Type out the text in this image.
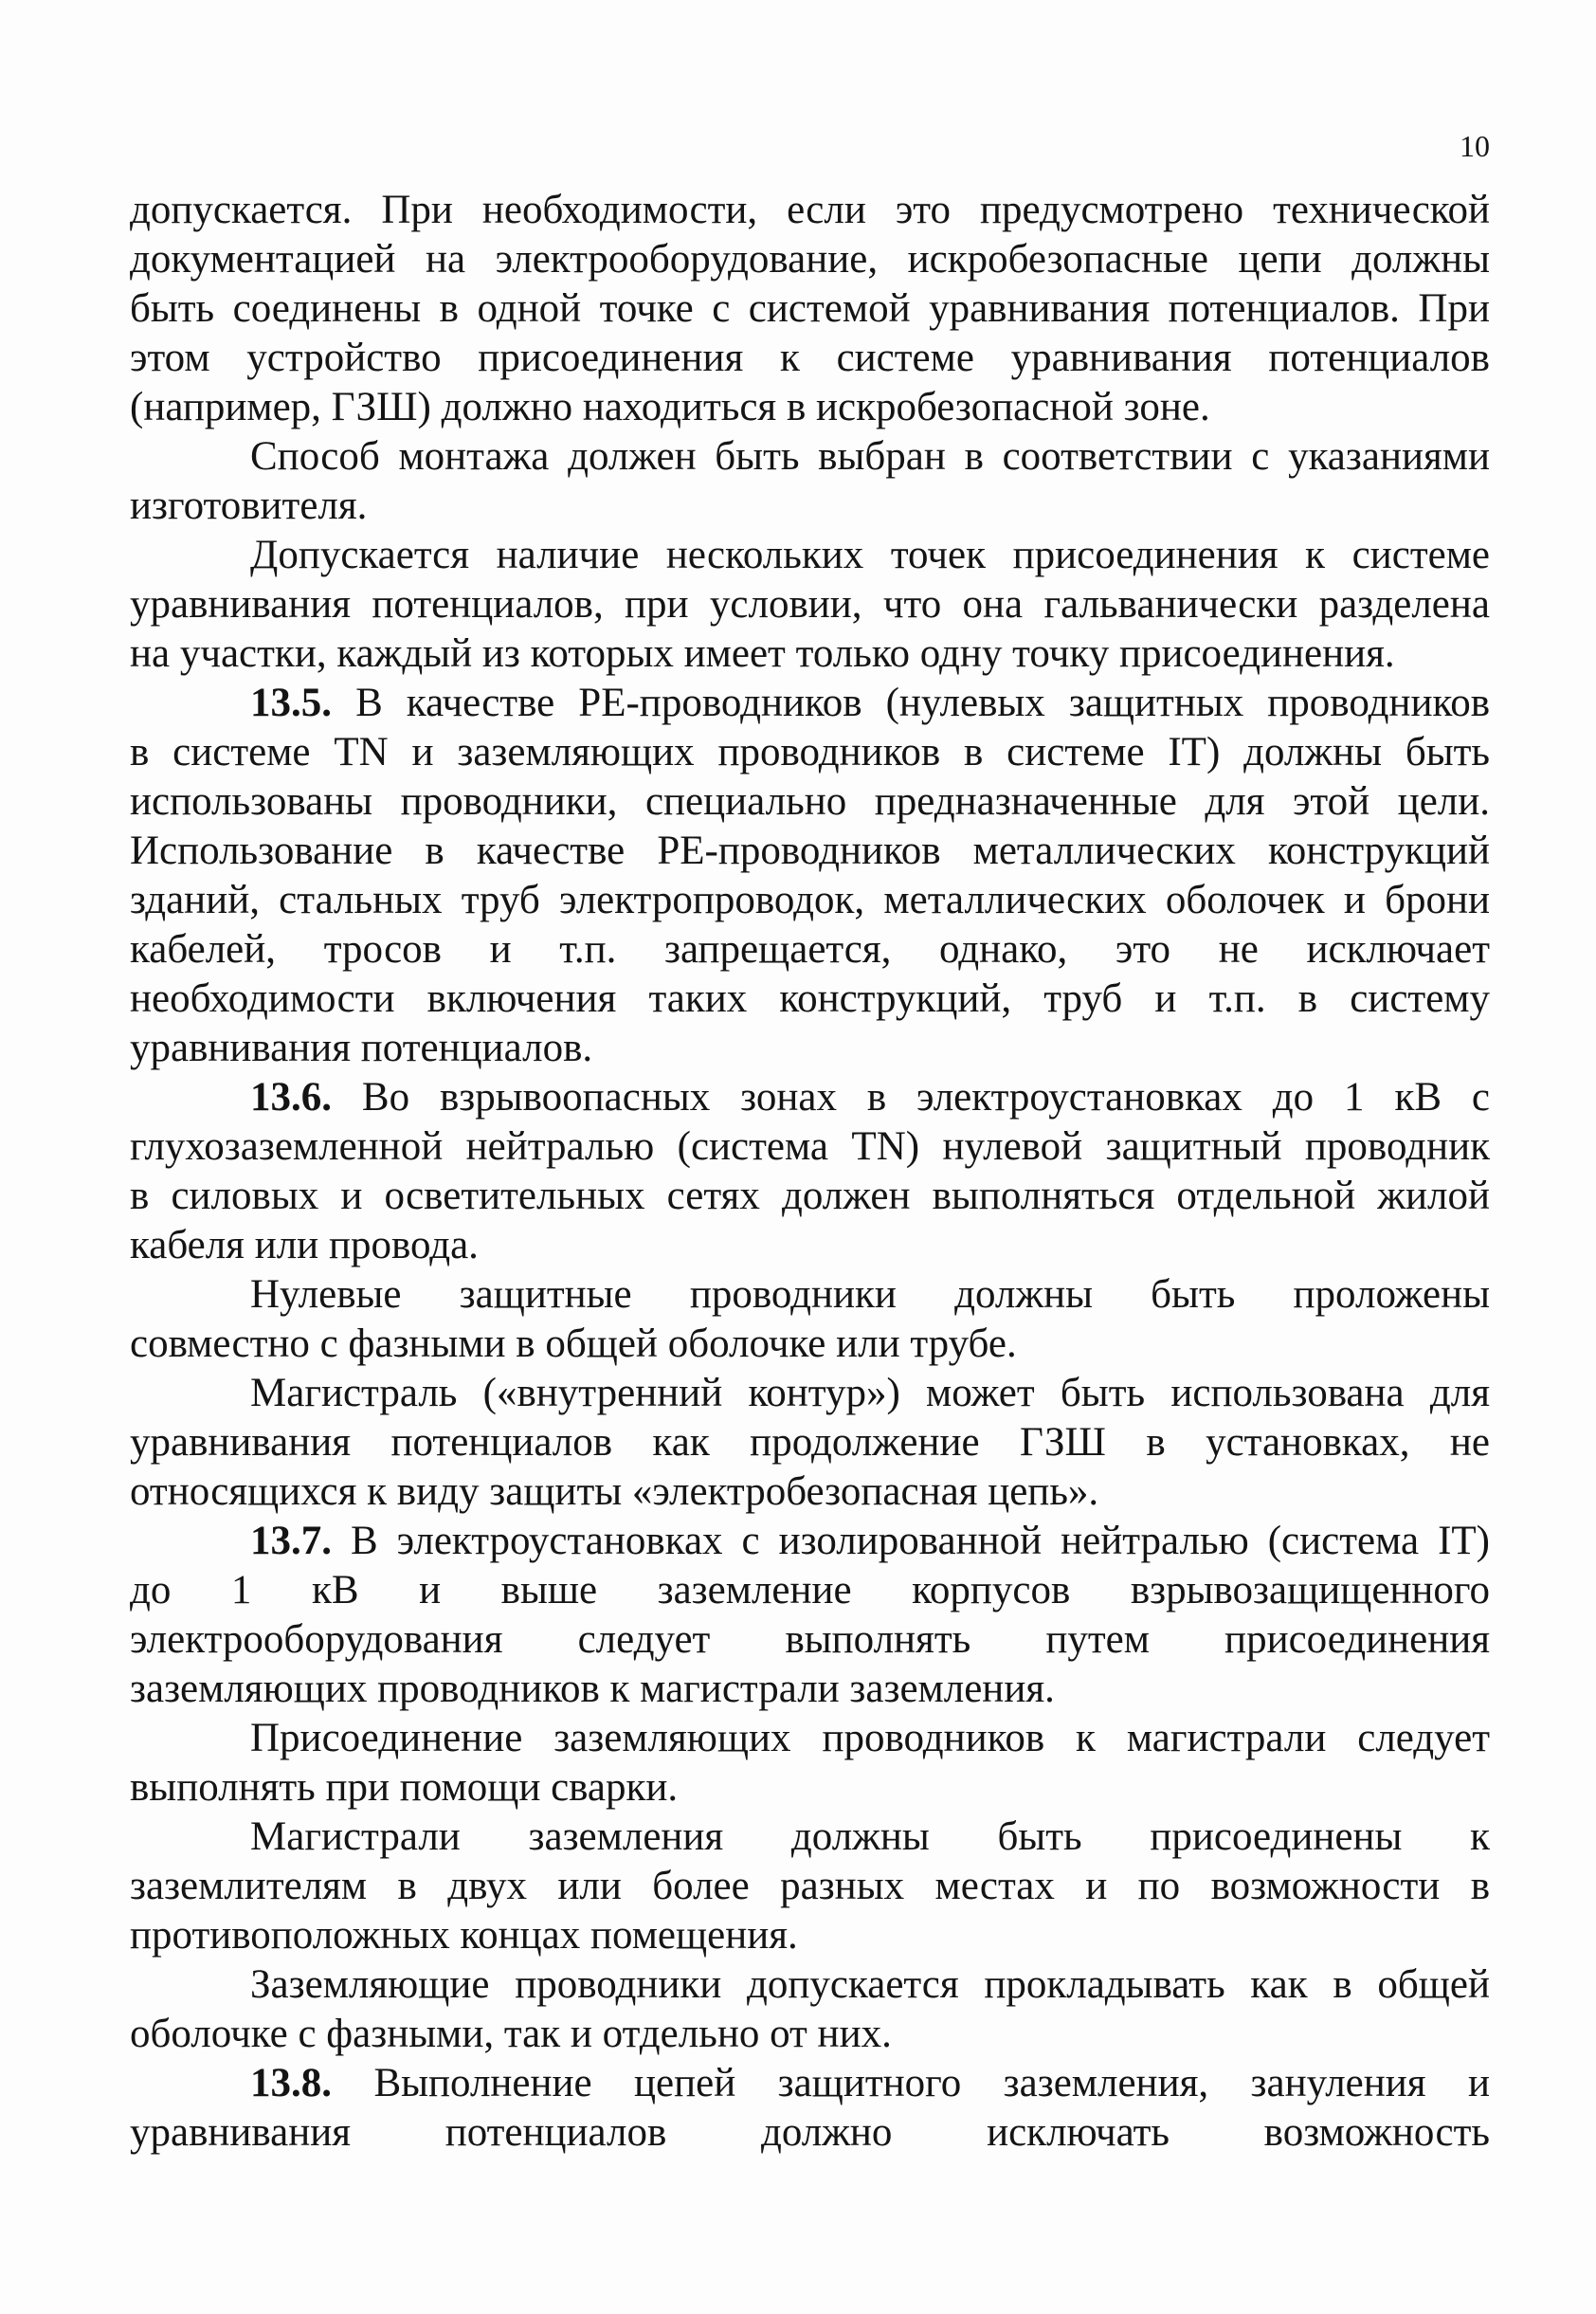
10
допускается. При необходимости, если это предусмотрено технической
документацией на электрооборудование, искробезопасные цепи должны
быть соединены в одной точке с системой уравнивания потенциалов. При
этом устройство присоединения к системе уравнивания потенциалов
(например, ГЗШ) должно находиться в искробезопасной зоне.
Способ монтажа должен быть выбран в соответствии с указаниями
изготовителя.
Допускается наличие нескольких точек присоединения к системе
уравнивания потенциалов, при условии, что она гальванически разделена
на участки, каждый из которых имеет только одну точку присоединения.
13.5. В качестве PE-проводников (нулевых защитных проводников
в системе TN и заземляющих проводников в системе IT) должны быть
использованы проводники, специально предназначенные для этой цели.
Использование в качестве PE-проводников металлических конструкций
зданий, стальных труб электропроводок, металлических оболочек и брони
кабелей, тросов и т.п. запрещается, однако, это не исключает
необходимости включения таких конструкций, труб и т.п. в систему
уравнивания потенциалов.
13.6. Во взрывоопасных зонах в электроустановках до 1 кВ с
глухозаземленной нейтралью (система TN) нулевой защитный проводник
в силовых и осветительных сетях должен выполняться отдельной жилой
кабеля или провода.
Нулевые защитные проводники должны быть проложены
совместно с фазными в общей оболочке или трубе.
Магистраль («внутренний контур») может быть использована для
уравнивания потенциалов как продолжение ГЗШ в установках, не
относящихся к виду защиты «электробезопасная цепь».
13.7. В электроустановках с изолированной нейтралью (система IT)
до 1 кВ и выше заземление корпусов взрывозащищенного
электрооборудования следует выполнять путем присоединения
заземляющих проводников к магистрали заземления.
Присоединение заземляющих проводников к магистрали следует
выполнять при помощи сварки.
Магистрали заземления должны быть присоединены к
заземлителям в двух или более разных местах и по возможности в
противоположных концах помещения.
Заземляющие проводники допускается прокладывать как в общей
оболочке с фазными, так и отдельно от них.
13.8. Выполнение цепей защитного заземления, зануления и
уравнивания потенциалов должно исключать возможность
